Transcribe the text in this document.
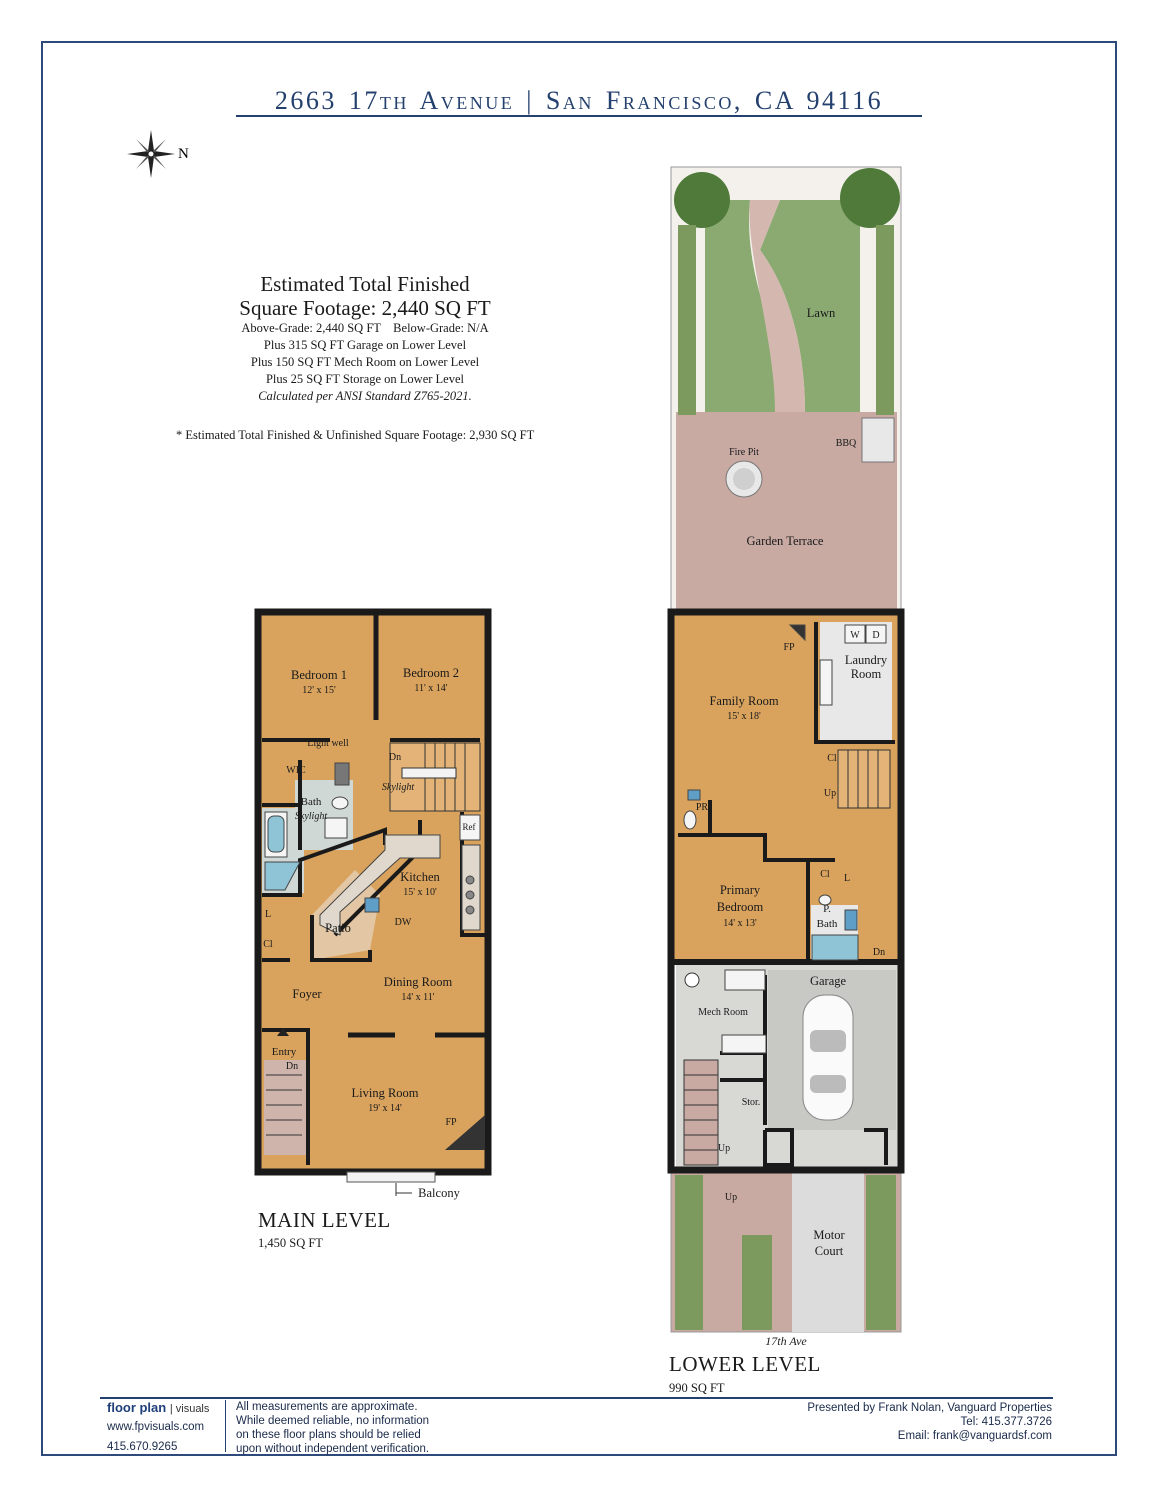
2663 17th Avenue | San Francisco, CA 94116
N
Estimated Total Finished
Square Footage: 2,440 SQ FT
Above-Grade: 2,440 SQ FT    Below-Grade: N/A
Plus 315 SQ FT Garage on Lower Level
Plus 150 SQ FT Mech Room on Lower Level
Plus 25 SQ FT Storage on Lower Level
Calculated per ANSI Standard Z765-2021.
* Estimated Total Finished & Unfinished Square Footage: 2,930 SQ FT
Bedroom 1
12' x 15'
Bedroom 2
11' x 14'
Light well
WIC
Dn
Skylight
Bath
Skylight
Ref
Kitchen
15' x 10'
DW
Patio
L
Cl
Foyer
Dining Room
14' x 11'
Entry
Dn
Living Room
19' x 14'
FP
Balcony
MAIN LEVEL
1,450 SQ FT
Lawn
Fire Pit
BBQ
Garden Terrace
FP
W D
Laundry
Room
Family Room
15' x 18'
Cl
Up
PR
Primary
Bedroom
14' x 13'
Cl L
P.
Bath
Dn
Garage
Mech Room
Stor.
Up
Up
Motor
Court
17th Ave
LOWER LEVEL
990 SQ FT
floor plan | visuals
www.fpvisuals.com
415.670.9265
All measurements are approximate.
While deemed reliable, no information
on these floor plans should be relied
upon without independent verification.
Presented by Frank Nolan, Vanguard Properties
Tel: 415.377.3726
Email: frank@vanguardsf.com
